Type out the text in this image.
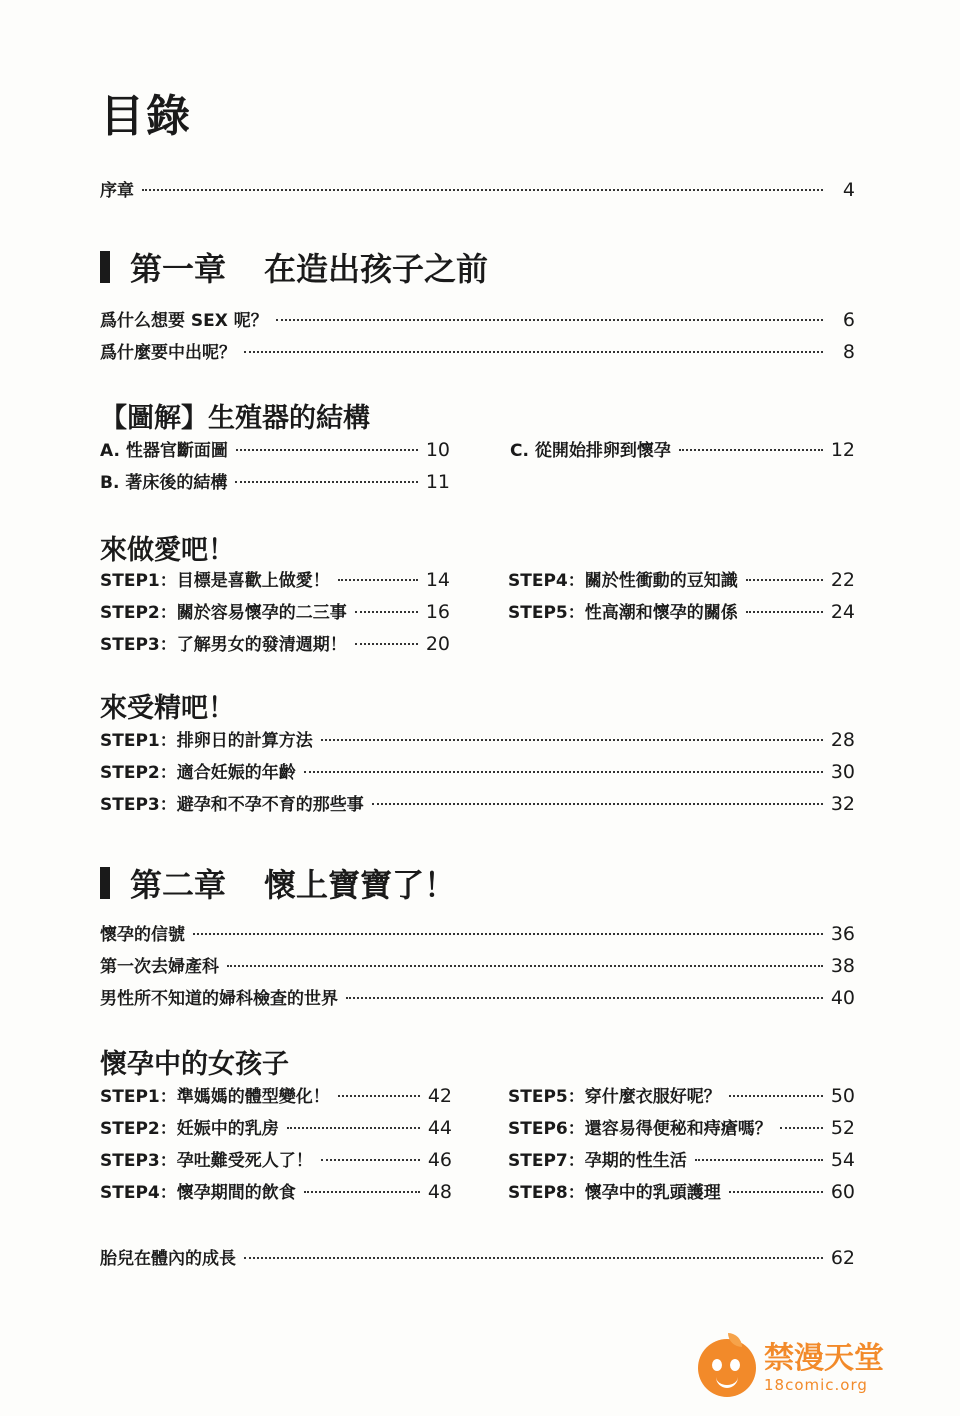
目錄
序章	4
第一章 在造出孩子之前
爲什么想要 SEX 呢？	6
爲什麼要中出呢？	8
【圖解】生殖器的結構
A. 性器官斷面圖	10
B. 著床後的結構	11
C. 從開始排卵到懷孕	12
來做愛吧！
STEP1：目標是喜歡上做愛！	14
STEP2：關於容易懷孕的二三事	16
STEP3：了解男女的發清週期！	20
STEP4：關於性衝動的豆知識	22
STEP5：性高潮和懷孕的關係	24
來受精吧！
STEP1：排卵日的計算方法	28
STEP2：適合妊娠的年齡	30
STEP3：避孕和不孕不育的那些事	32
第二章 懷上寶寶了！
懷孕的信號	36
第一次去婦產科	38
男性所不知道的婦科檢查的世界	40
懷孕中的女孩子
STEP1：準媽媽的體型變化！	42
STEP2：妊娠中的乳房	44
STEP3：孕吐難受死人了！	46
STEP4：懷孕期間的飲食	48
STEP5：穿什麼衣服好呢？	50
STEP6：還容易得便秘和痔瘡嗎？	52
STEP7：孕期的性生活	54
STEP8：懷孕中的乳頭護理	60
胎兒在體內的成長	62
禁漫天堂
18comic.org
